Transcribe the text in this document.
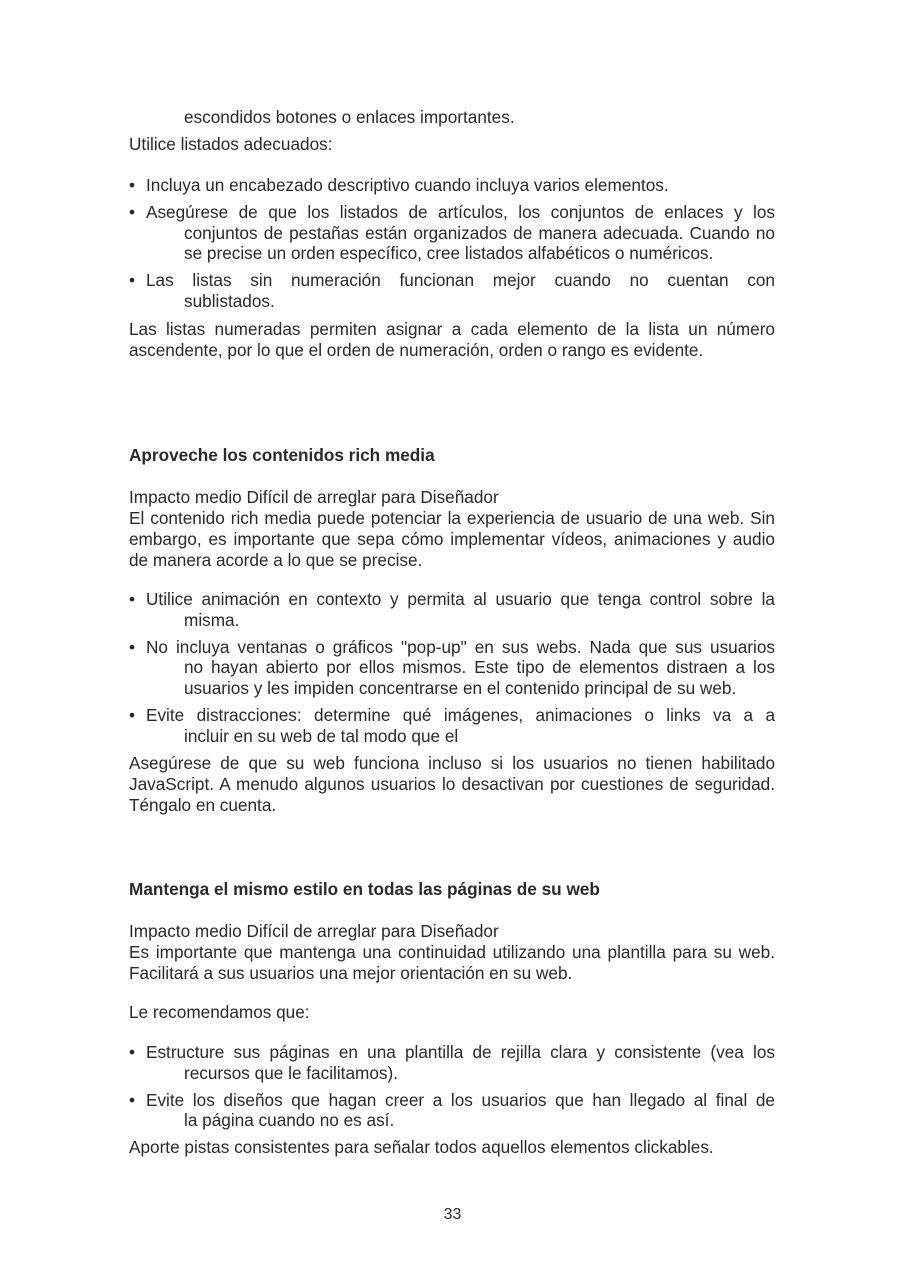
escondidos botones o enlaces importantes.
Utilice listados adecuados:
• Incluya un encabezado descriptivo cuando incluya varios elementos.
• Asegúrese de que los listados de artículos, los conjuntos de enlaces y los
conjuntos de pestañas están organizados de manera adecuada. Cuando no se precise un orden específico, cree listados alfabéticos o numéricos.
• Las listas sin numeración funcionan mejor cuando no cuentan con
sublistados.
Las listas numeradas permiten asignar a cada elemento de la lista un número ascendente, por lo que el orden de numeración, orden o rango es evidente.
Aproveche los contenidos rich media
Impacto medio Difícil de arreglar para Diseñador
El contenido rich media puede potenciar la experiencia de usuario de una web. Sin embargo, es importante que sepa cómo implementar vídeos, animaciones y audio de manera acorde a lo que se precise.
• Utilice animación en contexto y permita al usuario que tenga control sobre la
misma.
• No incluya ventanas o gráficos "pop-up" en sus webs. Nada que sus usuarios
no hayan abierto por ellos mismos. Este tipo de elementos distraen a los usuarios y les impiden concentrarse en el contenido principal de su web.
• Evite distracciones: determine qué imágenes, animaciones o links va a a
incluir en su web de tal modo que el
Asegúrese de que su web funciona incluso si los usuarios no tienen habilitado JavaScript. A menudo algunos usuarios lo desactivan por cuestiones de seguridad. Téngalo en cuenta.
Mantenga el mismo estilo en todas las páginas de su web
Impacto medio Difícil de arreglar para Diseñador
Es importante que mantenga una continuidad utilizando una plantilla para su web. Facilitará a sus usuarios una mejor orientación en su web.
Le recomendamos que:
• Estructure sus páginas en una plantilla de rejilla clara y consistente (vea los
recursos que le facilitamos).
• Evite los diseños que hagan creer a los usuarios que han llegado al final de
la página cuando no es así.
Aporte pistas consistentes para señalar todos aquellos elementos clickables.
33
